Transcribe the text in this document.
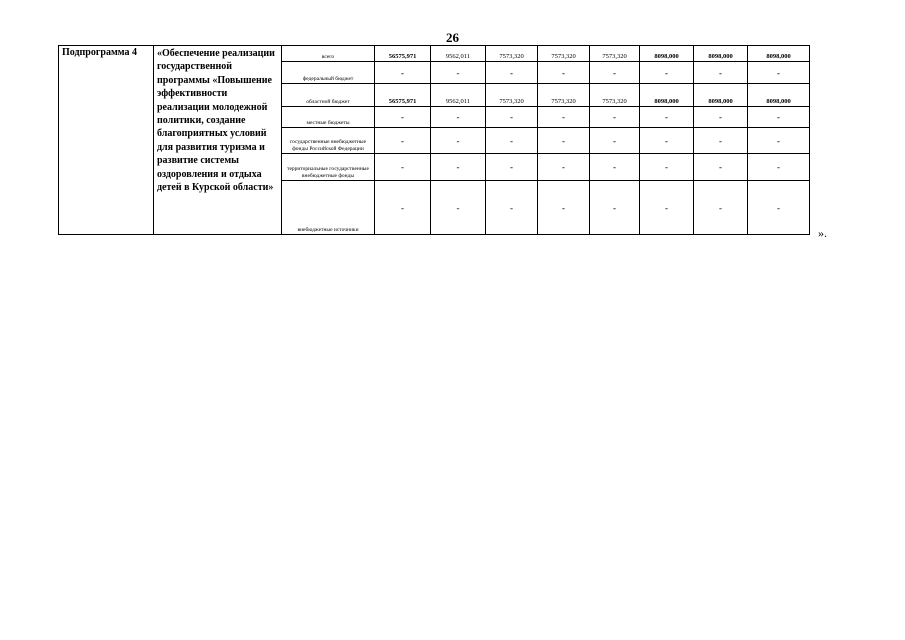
26
Подпрограмма 4	«Обеспечение реализации государственной программы «Повышение эффективности реализации молодежной политики, создание благоприятных условий для развития туризма и развитие системы оздоровления и отдыха детей в Курской области»	всего	56575,971	9562,011	7573,320	7573,320	7573,320	8098,000	8098,000	8098,000
		федеральный бюджет	-	-	-	-	-	-	-	-
		областной бюджет	56575,971	9562,011	7573,320	7573,320	7573,320	8098,000	8098,000	8098,000
		местные бюджеты	-	-	-	-	-	-	-	-
		государственные внебюджетные фонды Российской Федерации	-	-	-	-	-	-	-	-
		территориальные государственные внебюджетные фонды	-	-	-	-	-	-	-	-
		внебюджетные источники	-	-	-	-	-	-	-	-
».
